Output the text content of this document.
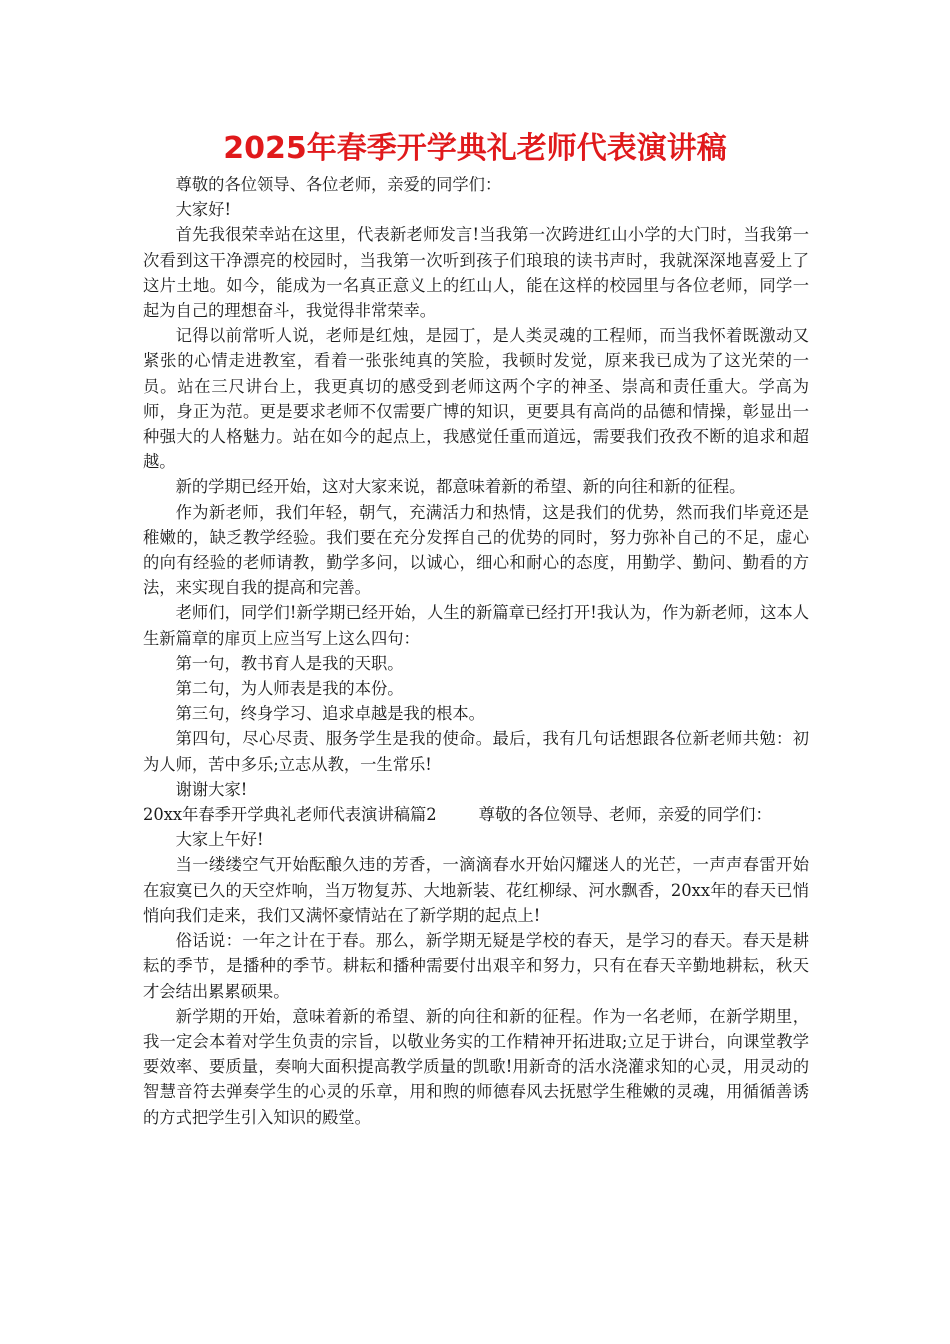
2025年春季开学典礼老师代表演讲稿

尊敬的各位领导、各位老师，亲爱的同学们：

大家好!

首先我很荣幸站在这里，代表新老师发言!当我第一次跨进红山小学的大门时，当我第一次看到这干净漂亮的校园时，当我第一次听到孩子们琅琅的读书声时，我就深深地喜爱上了这片土地。如今，能成为一名真正意义上的红山人，能在这样的校园里与各位老师，同学一起为自己的理想奋斗，我觉得非常荣幸。

记得以前常听人说，老师是红烛，是园丁，是人类灵魂的工程师，而当我怀着既激动又紧张的心情走进教室，看着一张张纯真的笑脸，我顿时发觉，原来我已成为了这光荣的一员。站在三尺讲台上，我更真切的感受到老师这两个字的神圣、崇高和责任重大。学高为师，身正为范。更是要求老师不仅需要广博的知识，更要具有高尚的品德和情操，彰显出一种强大的人格魅力。站在如今的起点上，我感觉任重而道远，需要我们孜孜不断的追求和超越。

新的学期已经开始，这对大家来说，都意味着新的希望、新的向往和新的征程。

作为新老师，我们年轻，朝气，充满活力和热情，这是我们的优势，然而我们毕竟还是稚嫩的，缺乏教学经验。我们要在充分发挥自己的优势的同时，努力弥补自己的不足，虚心的向有经验的老师请教，勤学多问，以诚心，细心和耐心的态度，用勤学、勤问、勤看的方法，来实现自我的提高和完善。

老师们，同学们!新学期已经开始，人生的新篇章已经打开!我认为，作为新老师，这本人生新篇章的扉页上应当写上这么四句：

第一句，教书育人是我的天职。

第二句，为人师表是我的本份。

第三句，终身学习、追求卓越是我的根本。

第四句，尽心尽责、服务学生是我的使命。最后，我有几句话想跟各位新老师共勉：初为人师，苦中多乐;立志从教，一生常乐!

谢谢大家!

20xx年春季开学典礼老师代表演讲稿篇2	尊敬的各位领导、老师，亲爱的同学们：

大家上午好!

当一缕缕空气开始酝酿久违的芳香，一滴滴春水开始闪耀迷人的光芒，一声声春雷开始在寂寞已久的天空炸响，当万物复苏、大地新装、花红柳绿、河水飘香，20xx年的春天已悄悄向我们走来，我们又满怀豪情站在了新学期的起点上!

俗话说：一年之计在于春。那么，新学期无疑是学校的春天，是学习的春天。春天是耕耘的季节，是播种的季节。耕耘和播种需要付出艰辛和努力，只有在春天辛勤地耕耘，秋天才会结出累累硕果。

新学期的开始，意味着新的希望、新的向往和新的征程。作为一名老师，在新学期里，我一定会本着对学生负责的宗旨，以敬业务实的工作精神开拓进取;立足于讲台，向课堂教学要效率、要质量，奏响大面积提高教学质量的凯歌!用新奇的活水浇灌求知的心灵，用灵动的智慧音符去弹奏学生的心灵的乐章，用和煦的师德春风去抚慰学生稚嫩的灵魂，用循循善诱的方式把学生引入知识的殿堂。
